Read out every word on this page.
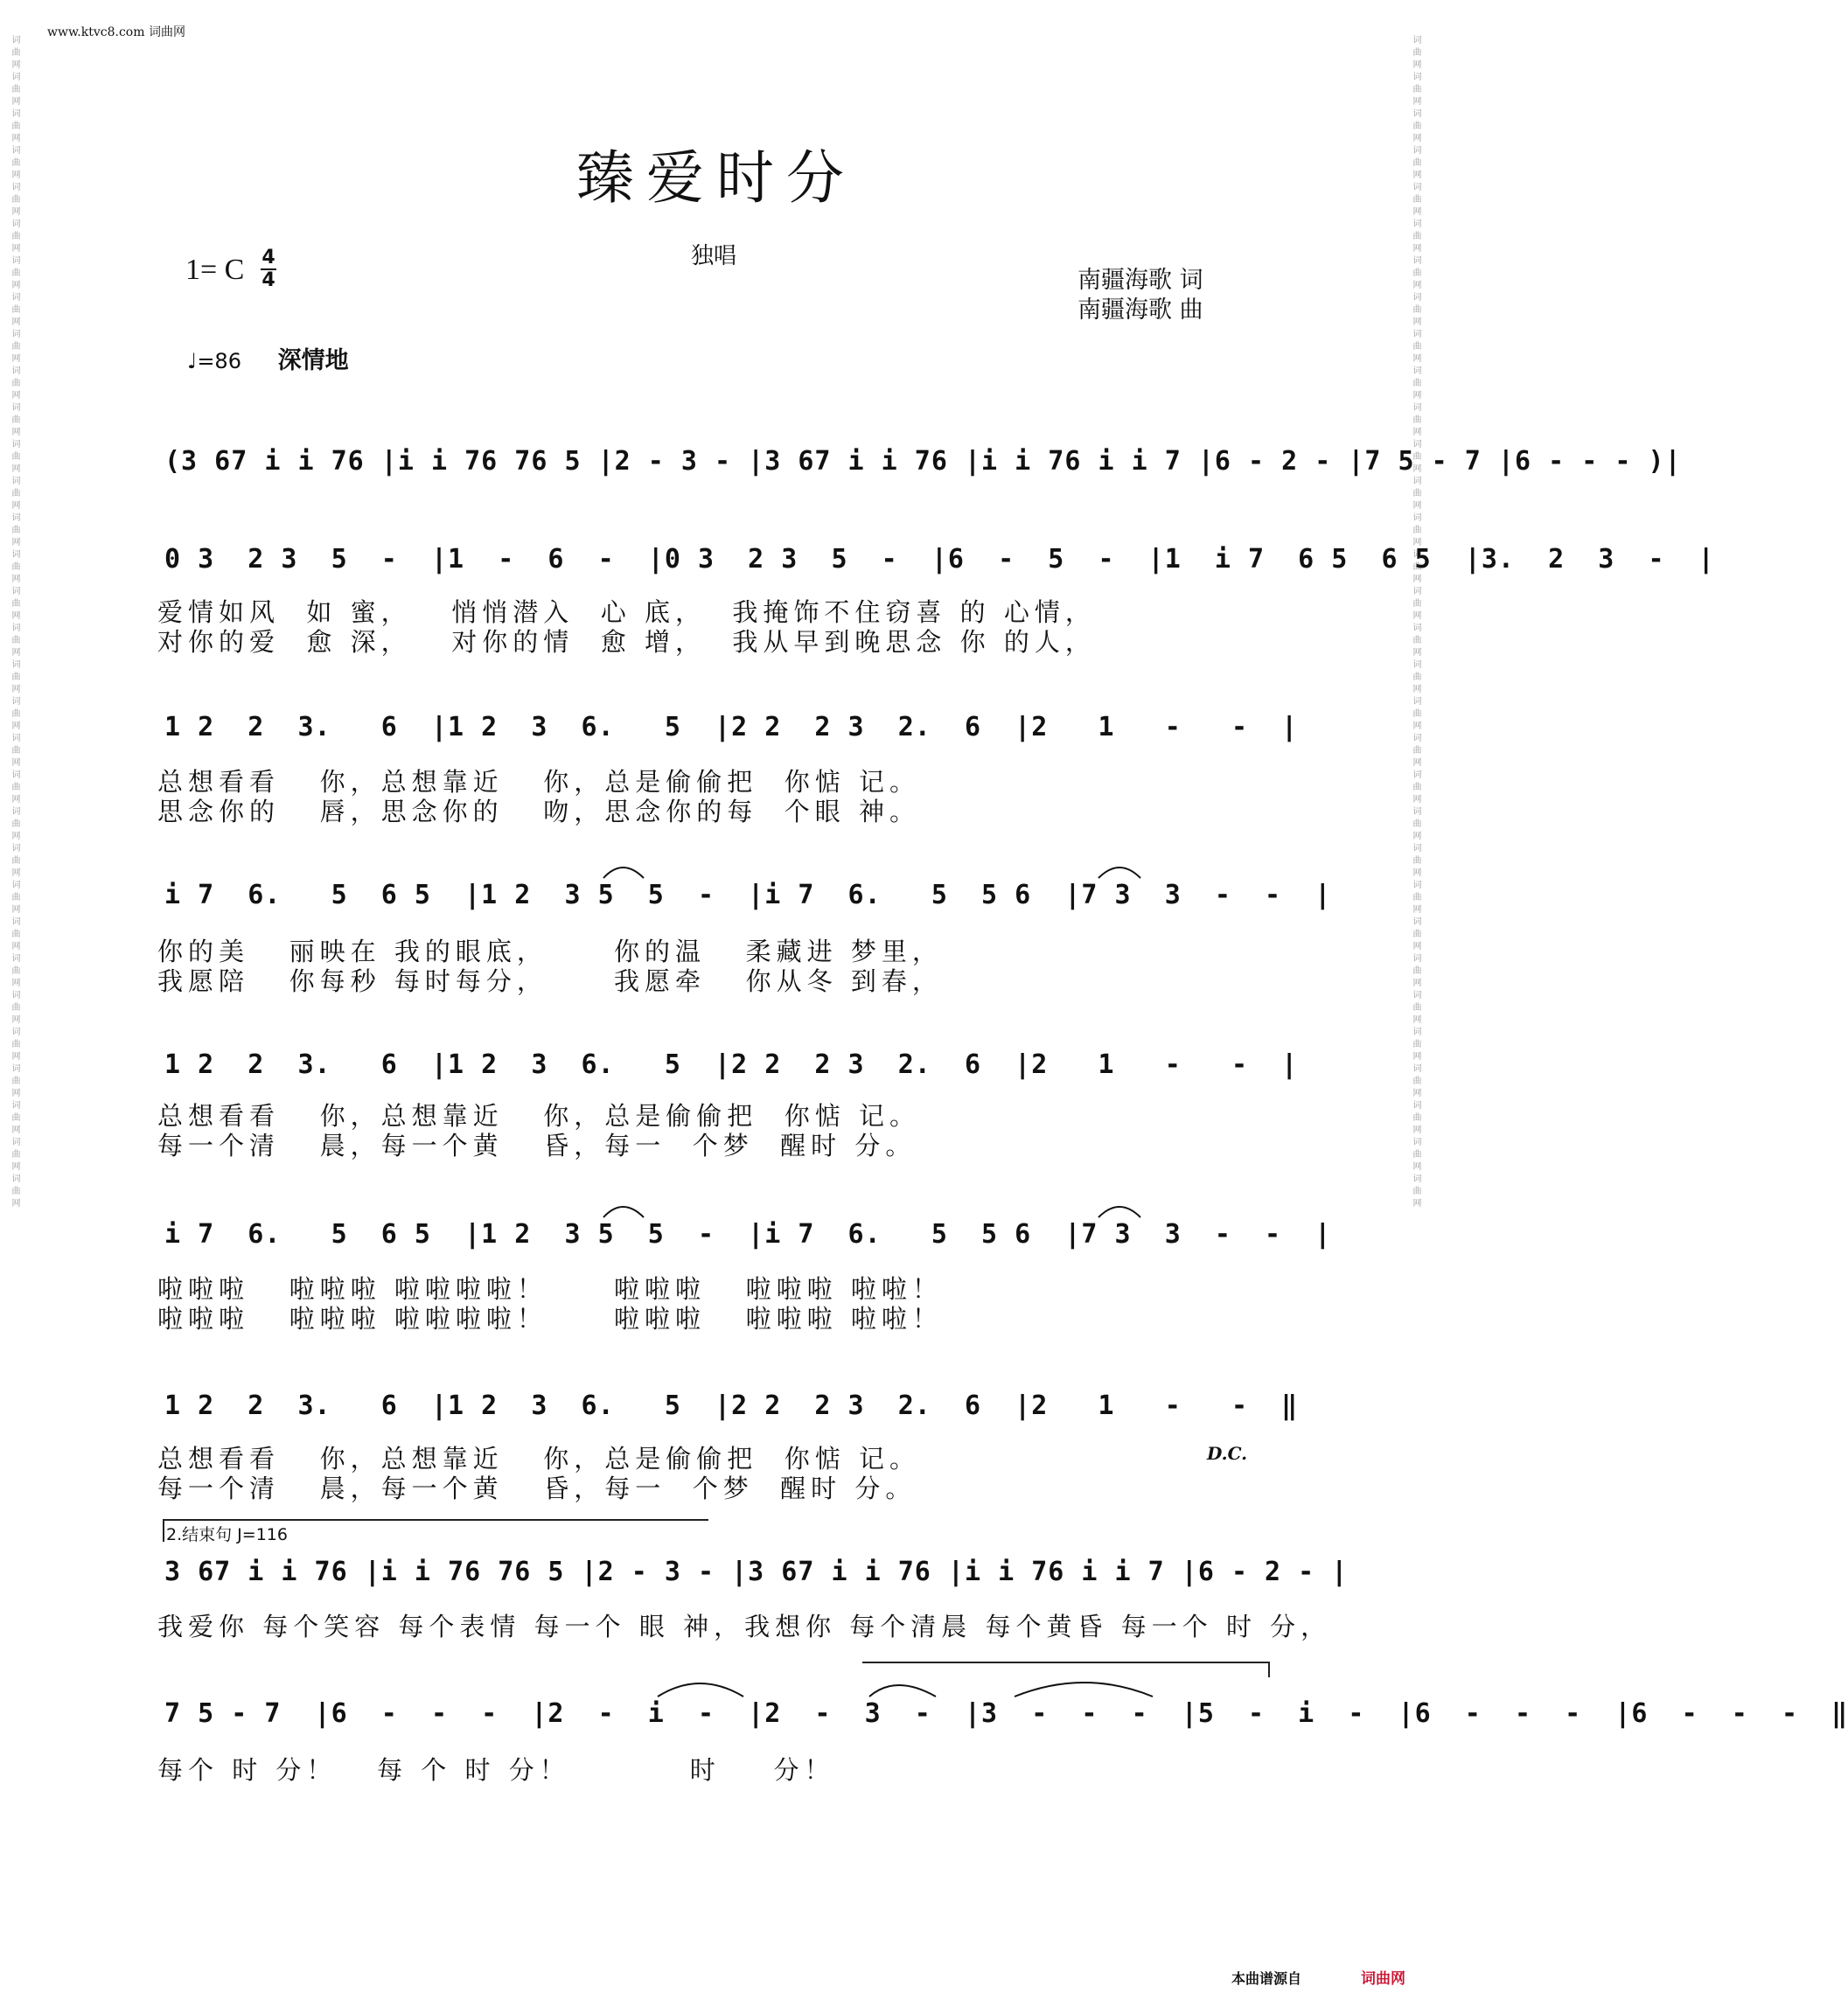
www.ktvc8.com 词曲网
词曲网词曲网词曲网词曲网词曲网词曲网词曲网词曲网词曲网词曲网词曲网词曲网词曲网词曲网词曲网词曲网词曲网词曲网词曲网词曲网词曲网词曲网词曲网词曲网词曲网词曲网词曲网词曲网词曲网词曲网词曲网词曲网	词曲网词曲网词曲网词曲网词曲网词曲网词曲网词曲网词曲网词曲网词曲网词曲网词曲网词曲网词曲网词曲网词曲网词曲网词曲网词曲网词曲网词曲网词曲网词曲网词曲网词曲网词曲网词曲网词曲网词曲网词曲网词曲网
臻爱时分
独唱
1= C 4
4	南疆海歌 词
南疆海歌 曲
♩=86 深情地
(3 67 i i 76 |i i 76 76 5 |2 - 3 - |3 67 i i 76 |i i 76 i i 7 |6 - 2 - |7 5 - 7 |6 - - - )|
0 3  2 3  5  -  |1  -  6  -  |0 3  2 3  5  -  |6  -  5  -  |1  i 7  6 5  6 5  |3.  2  3  -  |
爱情如风  如 蜜，   悄悄潜入  心 底，  我掩饰不住窃喜 的 心情，
对你的爱  愈 深，   对你的情  愈 增，  我从早到晚思念 你 的人，
1 2  2  3.   6  |1 2  3  6.   5  |2 2  2 3  2.  6  |2   1   -   -  |
总想看看   你，总想靠近   你，总是偷偷把  你惦 记。
思念你的   唇，思念你的   吻，思念你的每  个眼 神。
i 7  6.   5  6 5  |1 2  3 5  5  -  |i 7  6.   5  5 6  |7 3  3  -  -  |
你的美   丽映在 我的眼底，     你的温   柔藏进 梦里，
我愿陪   你每秒 每时每分，     我愿牵   你从冬 到春，
1 2  2  3.   6  |1 2  3  6.   5  |2 2  2 3  2.  6  |2   1   -   -  |
总想看看   你，总想靠近   你，总是偷偷把  你惦 记。
每一个清   晨，每一个黄   昏，每一  个梦  醒时 分。
i 7  6.   5  6 5  |1 2  3 5  5  -  |i 7  6.   5  5 6  |7 3  3  -  -  |
啦啦啦   啦啦啦 啦啦啦啦！     啦啦啦   啦啦啦 啦啦！
啦啦啦   啦啦啦 啦啦啦啦！     啦啦啦   啦啦啦 啦啦！
1 2  2  3.   6  |1 2  3  6.   5  |2 2  2 3  2.  6  |2   1   -   -  ‖
总想看看   你，总想靠近   你，总是偷偷把  你惦 记。
每一个清   晨，每一个黄   昏，每一  个梦  醒时 分。
D.C.
2.结束句 J=116
3 67 i i 76 |i i 76 76 5 |2 - 3 - |3 67 i i 76 |i i 76 i i 7 |6 - 2 - |
我爱你 每个笑容 每个表情 每一个 眼 神，我想你 每个清晨 每个黄昏 每一个 时 分，
7 5 - 7  |6  -  -  -  |2  -  i  -  |2  -  3  -  |3  -  -  -  |5  -  i  -  |6  -  -  -  |6  -  -  -  ‖
每个 时 分！   每 个 时 分！         时    分！
本曲谱源自	词曲网
